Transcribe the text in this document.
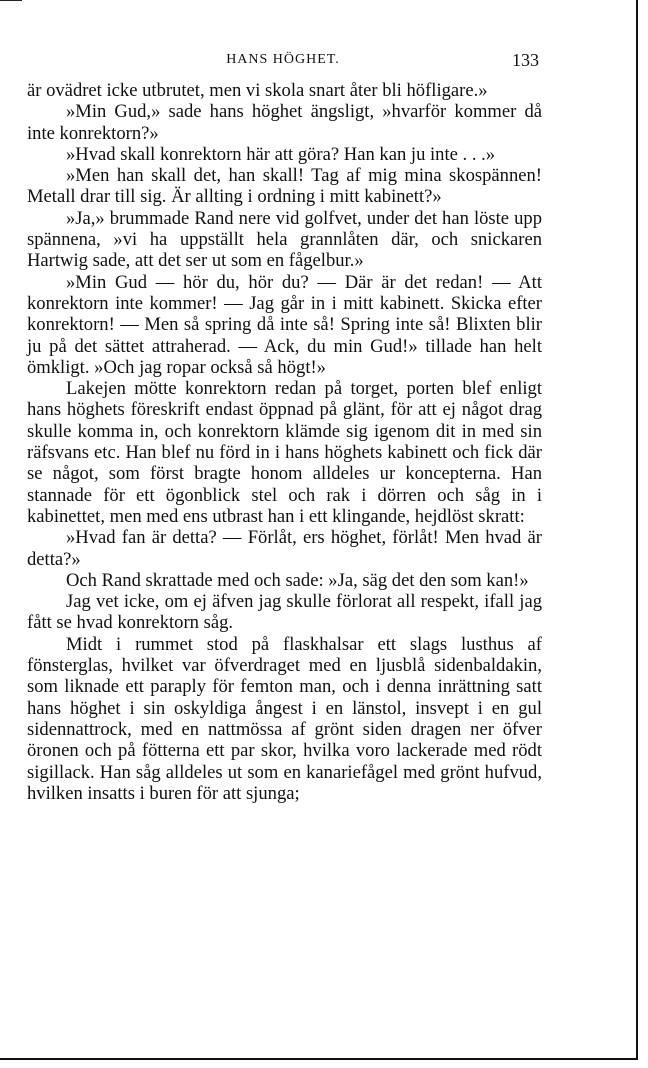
HANS HÖGHET.	133

är ovädret icke utbrutet, men vi skola snart åter bli höfligare.»

»Min Gud,» sade hans höghet ängsligt, »hvarför kommer då inte konrektorn?»

»Hvad skall konrektorn här att göra? Han kan ju inte . . .»

»Men han skall det, han skall! Tag af mig mina skospännen! Metall drar till sig. Är allting i ordning i mitt kabinett?»

»Ja,» brummade Rand nere vid golfvet, under det han löste upp spännena, »vi ha uppställt hela grannlåten där, och snickaren Hartwig sade, att det ser ut som en fågelbur.»

»Min Gud — hör du, hör du? — Där är det redan! — Att konrektorn inte kommer! — Jag går in i mitt kabinett. Skicka efter konrektorn! — Men så spring då inte så! Spring inte så! Blixten blir ju på det sättet attraherad. — Ack, du min Gud!» tillade han helt ömkligt. »Och jag ropar också så högt!»

Lakejen mötte konrektorn redan på torget, porten blef enligt hans höghets föreskrift endast öppnad på glänt, för att ej något drag skulle komma in, och konrektorn klämde sig igenom dit in med sin räfsvans etc. Han blef nu förd in i hans höghets kabinett och fick där se något, som först bragte honom alldeles ur koncepterna. Han stannade för ett ögonblick stel och rak i dörren och såg in i kabinettet, men med ens utbrast han i ett klingande, hejdlöst skratt:

»Hvad fan är detta? — Förlåt, ers höghet, förlåt! Men hvad är detta?»

Och Rand skrattade med och sade: »Ja, säg det den som kan!»

Jag vet icke, om ej äfven jag skulle förlorat all respekt, ifall jag fått se hvad konrektorn såg.

Midt i rummet stod på flaskhalsar ett slags lusthus af fönsterglas, hvilket var öfverdraget med en ljusblå sidenbaldakin, som liknade ett paraply för femton man, och i denna inrättning satt hans höghet i sin oskyldiga ångest i en länstol, insvept i en gul sidennattrock, med en nattmössa af grönt siden dragen ner öfver öronen och på fötterna ett par skor, hvilka voro lackerade med rödt sigillack. Han såg alldeles ut som en kanariefågel med grönt hufvud, hvilken insatts i buren för att sjunga;
